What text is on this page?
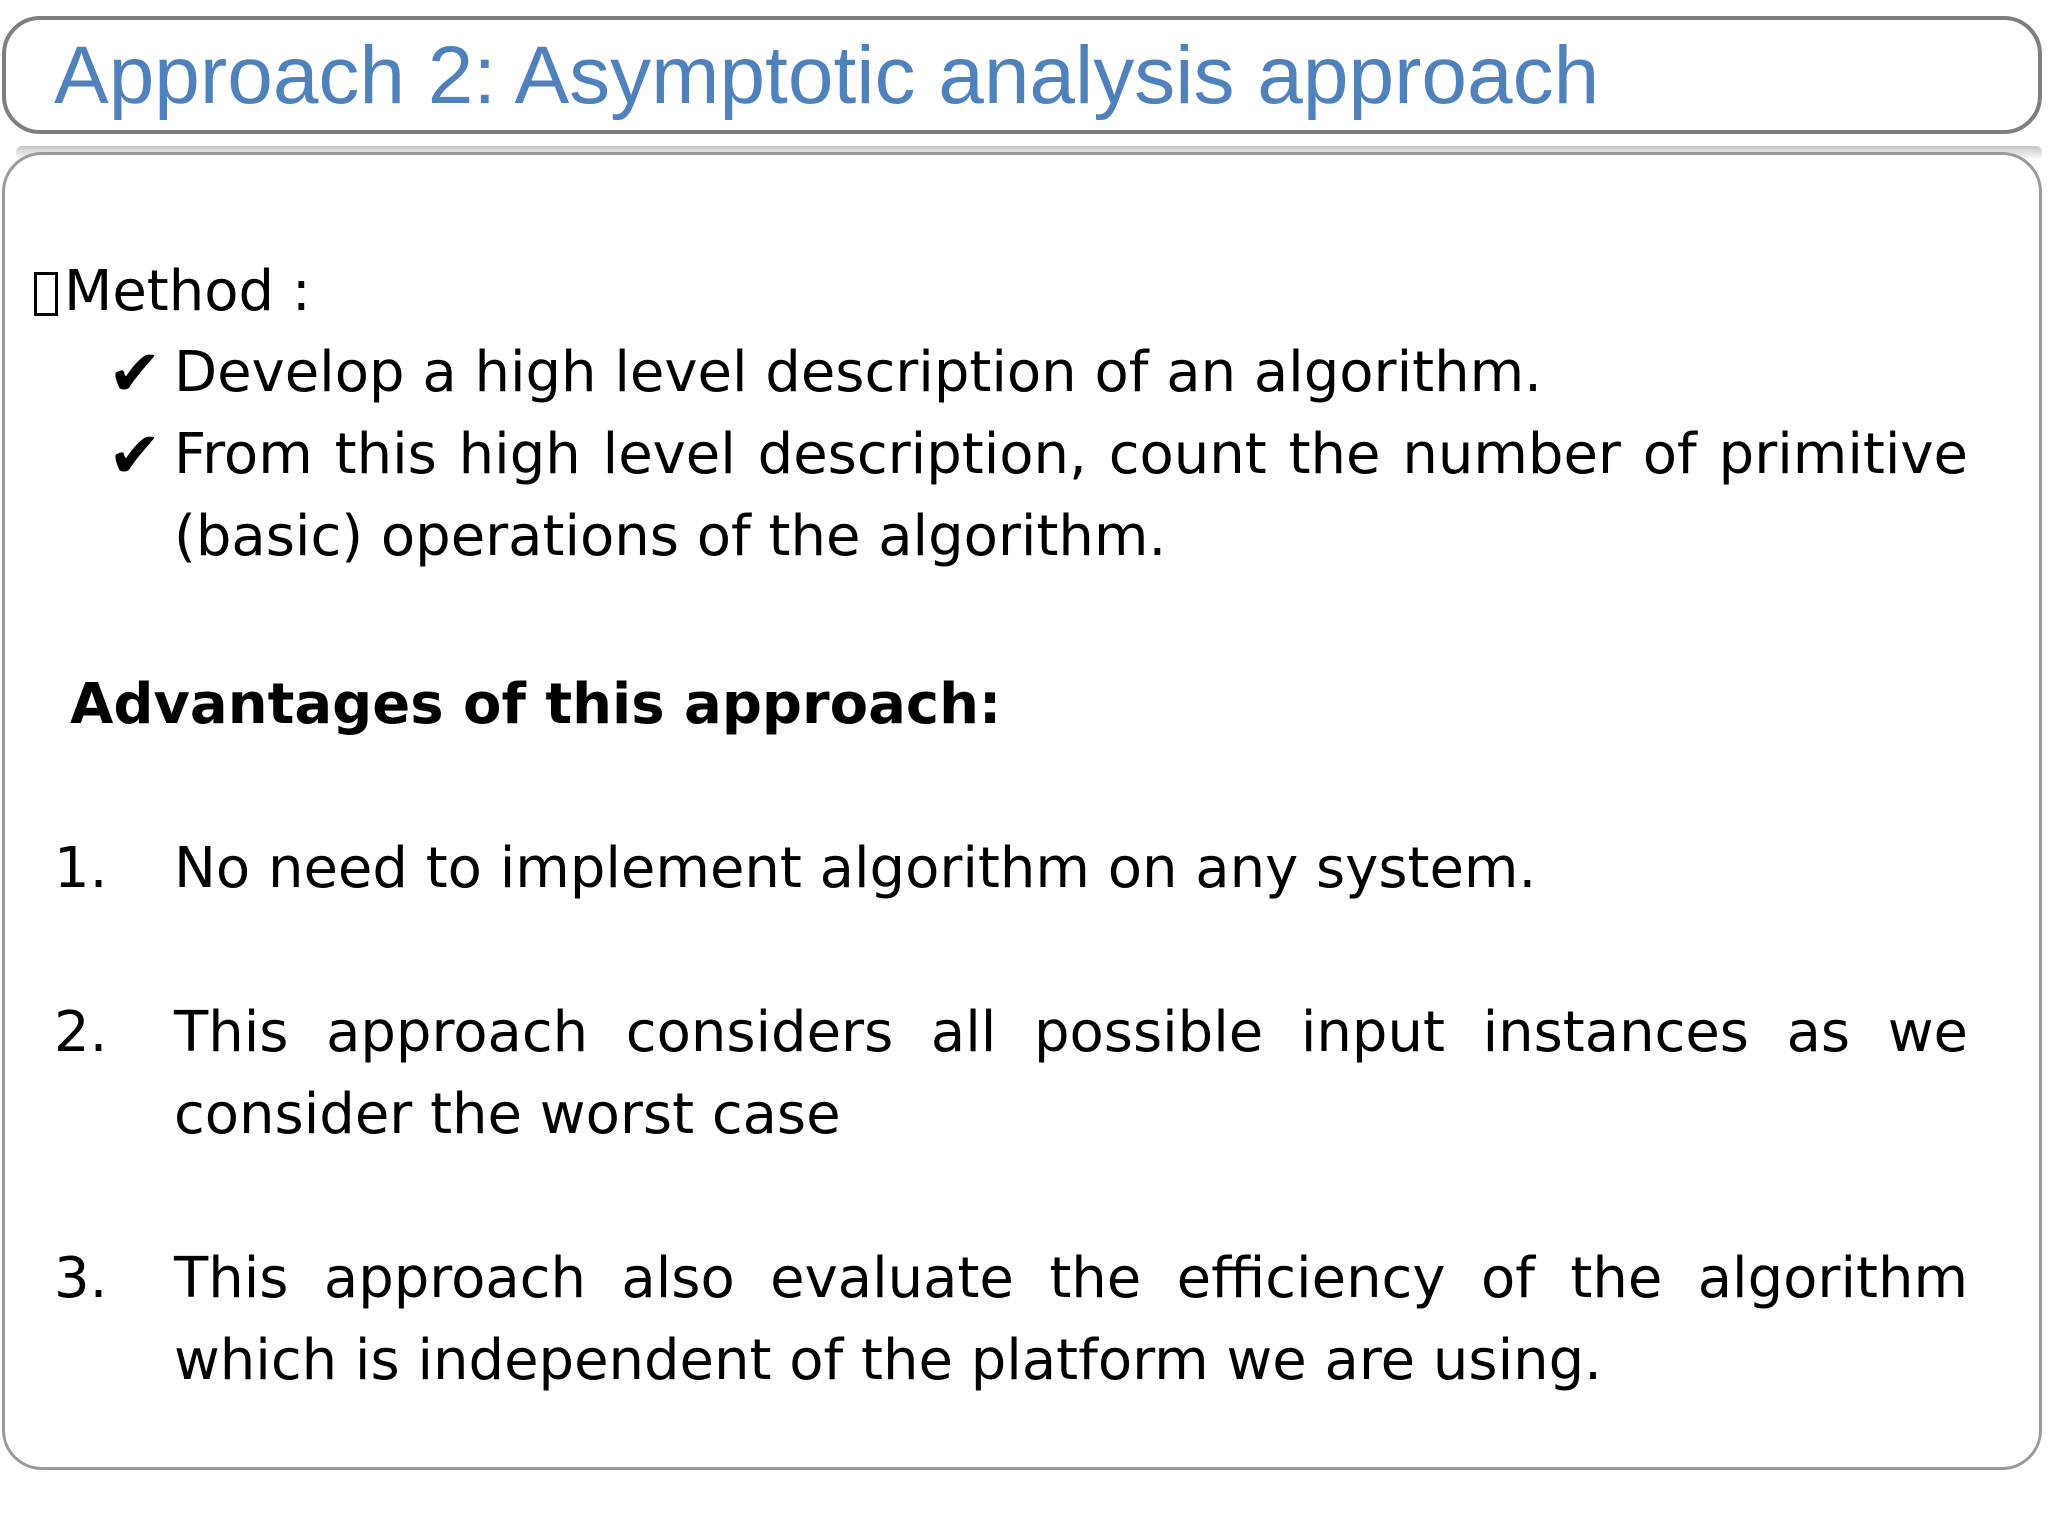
Approach 2: Asymptotic analysis approach
Method :
✔ Develop a high level description of an algorithm.
✔ From this high level description, count the number of primitive (basic) operations of the algorithm.
Advantages of this approach:
1. No need to implement algorithm on any system.
2. This approach considers all possible input instances as we consider the worst case
3. This approach also evaluate the efficiency of the algorithm which is independent of the platform we are using.
